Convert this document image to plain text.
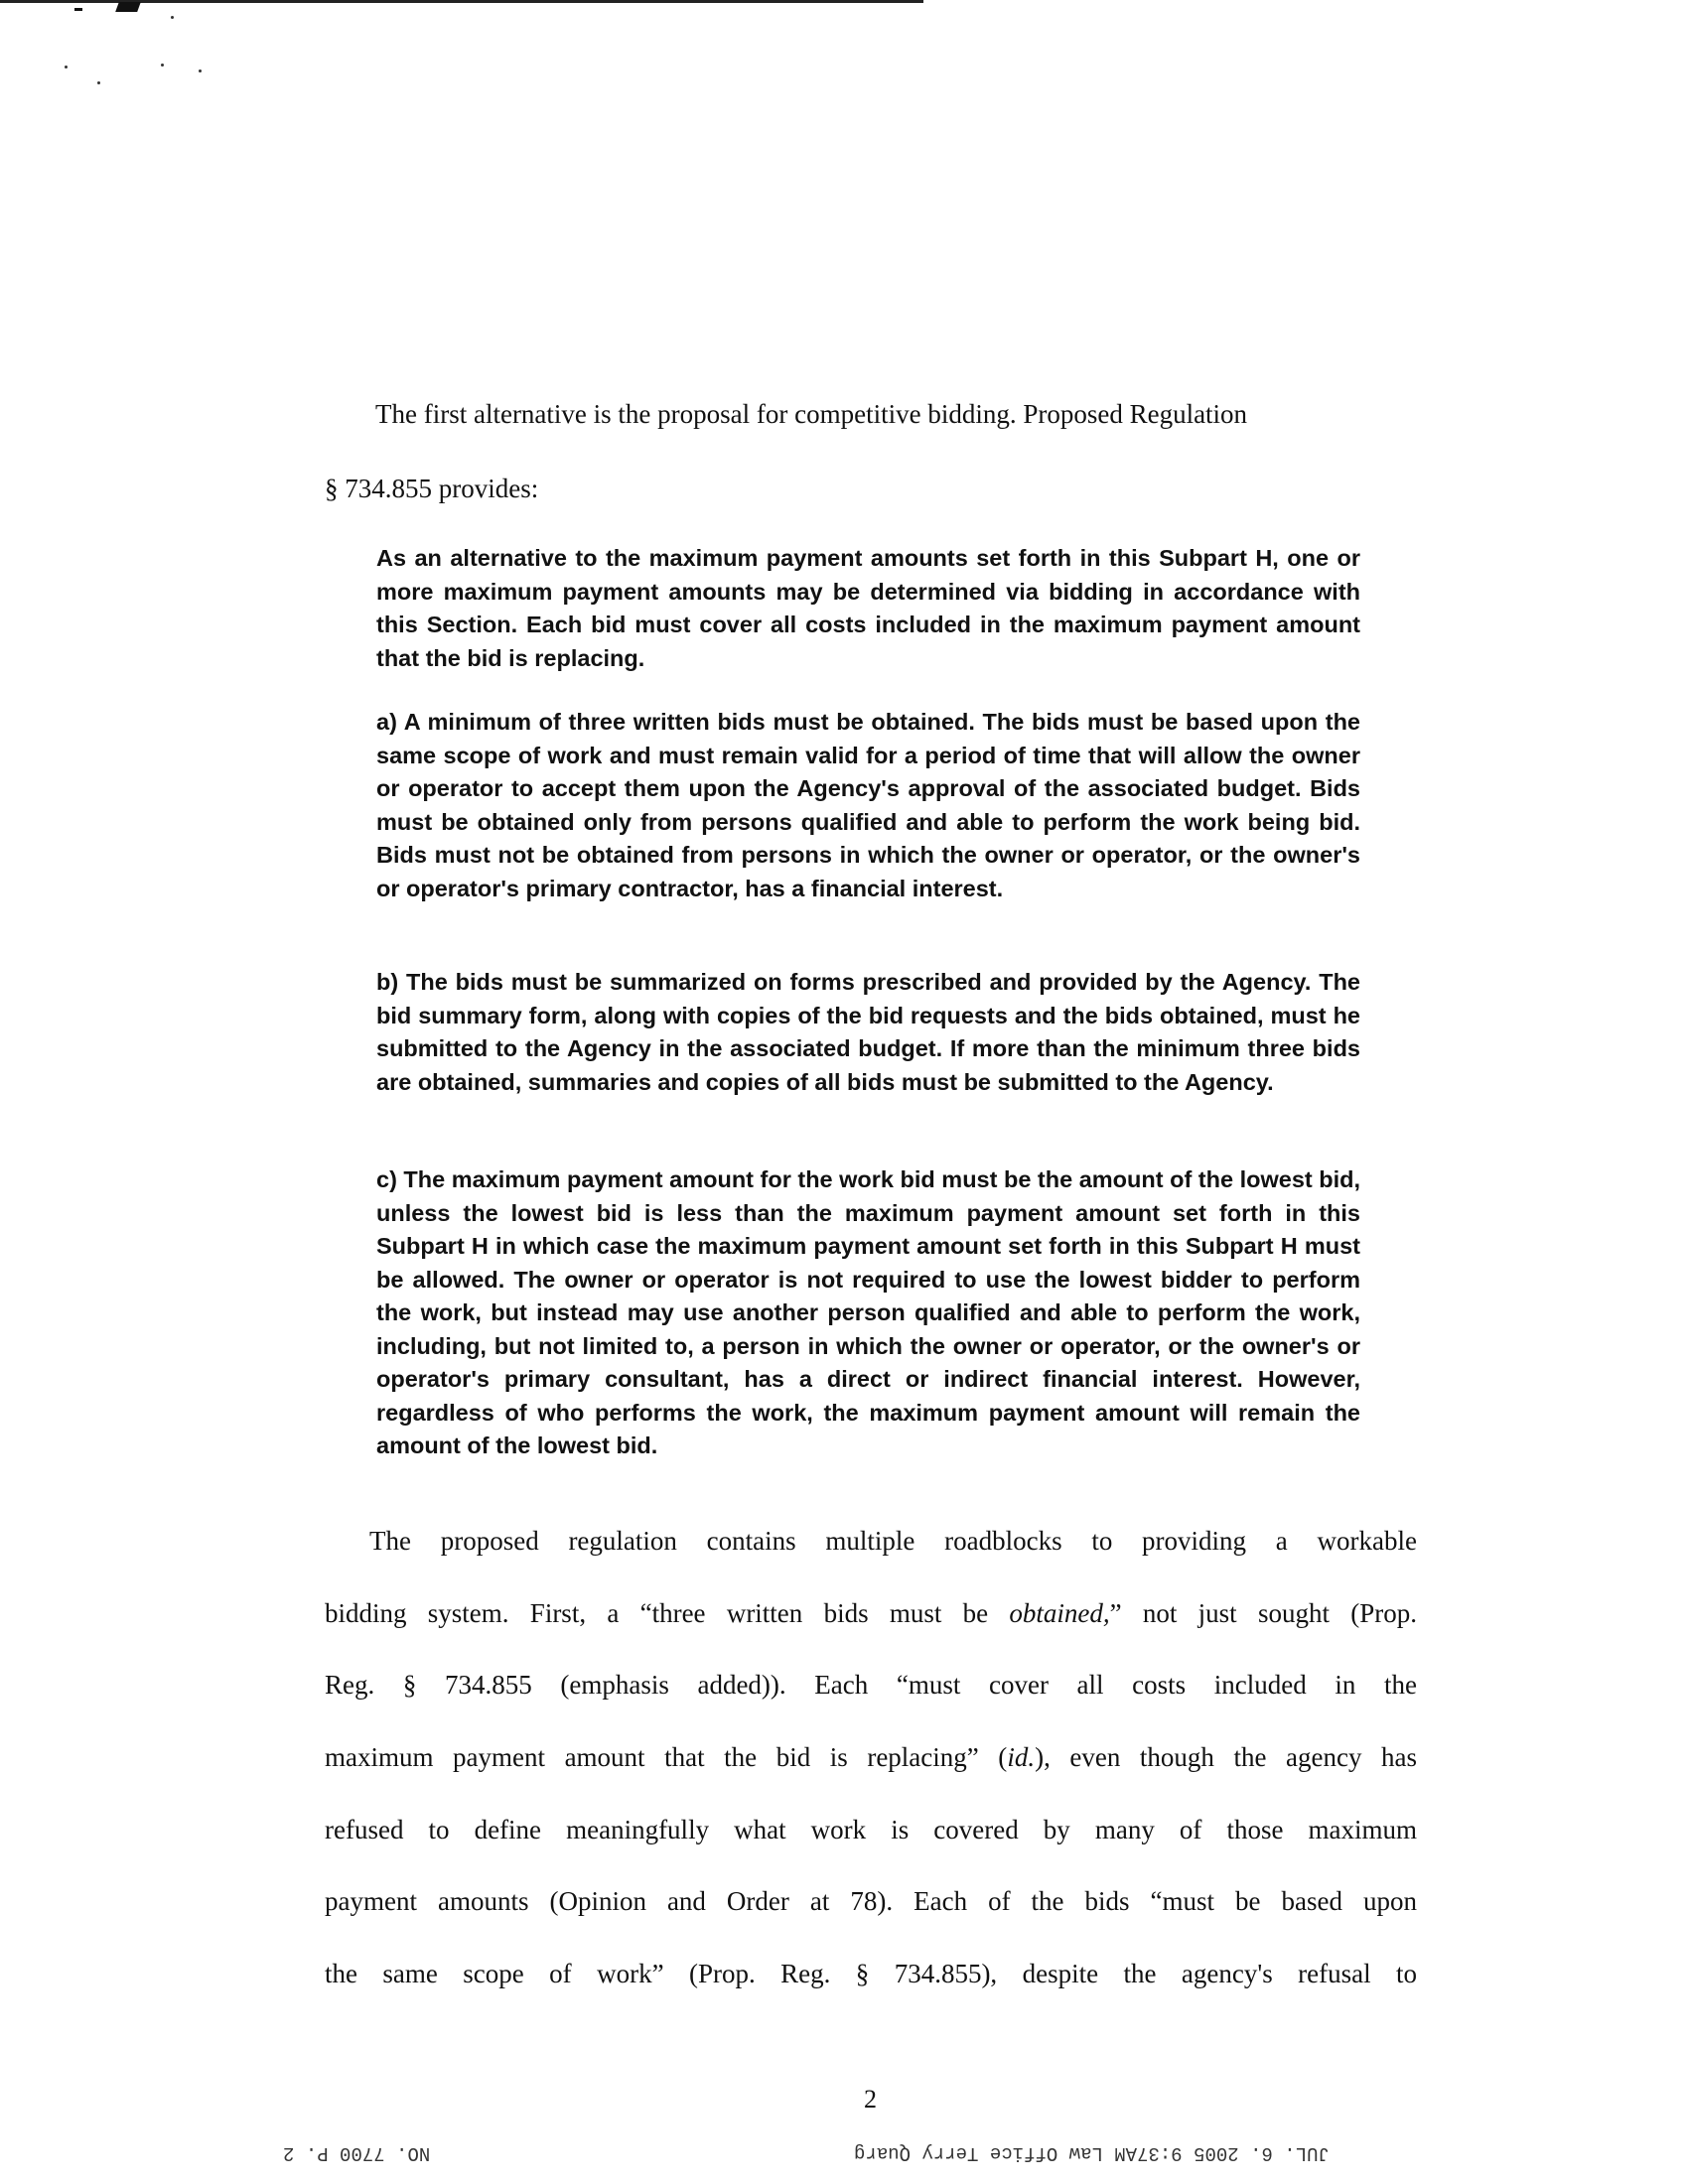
The first alternative is the proposal for competitive bidding. Proposed Regulation
§ 734.855 provides:

As an alternative to the maximum payment amounts set forth in this Subpart H, one or more maximum payment amounts may be determined via bidding in accordance with this Section. Each bid must cover all costs included in the maximum payment amount that the bid is replacing.

a) A minimum of three written bids must be obtained. The bids must be based upon the same scope of work and must remain valid for a period of time that will allow the owner or operator to accept them upon the Agency's approval of the associated budget. Bids must be obtained only from persons qualified and able to perform the work being bid. Bids must not be obtained from persons in which the owner or operator, or the owner's or operator's primary contractor, has a financial interest.

b) The bids must be summarized on forms prescribed and provided by the Agency. The bid summary form, along with copies of the bid requests and the bids obtained, must he submitted to the Agency in the associated budget. If more than the minimum three bids are obtained, summaries and copies of all bids must be submitted to the Agency.

c) The maximum payment amount for the work bid must be the amount of the lowest bid, unless the lowest bid is less than the maximum payment amount set forth in this Subpart H in which case the maximum payment amount set forth in this Subpart H must be allowed. The owner or operator is not required to use the lowest bidder to perform the work, but instead may use another person qualified and able to perform the work, including, but not limited to, a person in which the owner or operator, or the owner's or operator's primary consultant, has a direct or indirect financial interest. However, regardless of who performs the work, the maximum payment amount will remain the amount of the lowest bid.

The proposed regulation contains multiple roadblocks to providing a workable
bidding system. First, a “three written bids must be obtained,” not just sought (Prop.
Reg. § 734.855 (emphasis added)). Each “must cover all costs included in the
maximum payment amount that the bid is replacing” (id.), even though the agency has
refused to define meaningfully what work is covered by many of those maximum
payment amounts (Opinion and Order at 78). Each of the bids “must be based upon
the same scope of work” (Prop. Reg. § 734.855), despite the agency's refusal to
2
NO. 7700 P. 2	JUL. 6. 2005 9:37AM Law Office Terry Quarg
